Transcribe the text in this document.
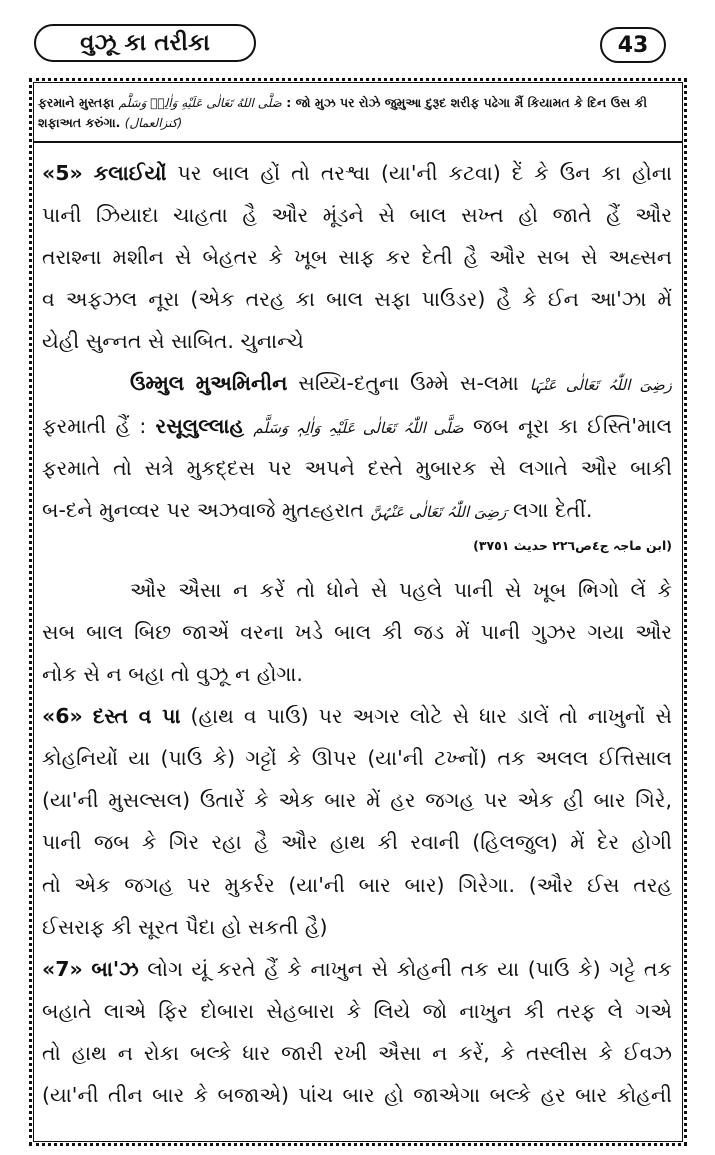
વુઝૂ કા તરીકા	43
ફરમાને મુસ્તફા صَلَّی اللهُ تَعَالٰی عَلَيْهِ وَاٰلِهٖ وَسَلَّم : જો મુઝ પર રોઝે જુમુઆ દુરૂદ શરીફ પઢેગા મૈં કિયામત કે દિન ઉસ કી
શફાઅત કરુંગા. (کنزالعمال)
«5» કલાઈયોં પર બાલ હોં તો તરશ્વા (યા'ની કટવા) દેં કે ઉન કા હોના
પાની ઝિયાદા ચાહતા હૈ ઔર મૂંડને સે બાલ સખ્ત હો જાતે હૈં ઔર
તરાશ્ના મશીન સે બેહતર કે ખૂબ સાફ કર દેતી હૈ ઔર સબ સે અહ્સન
વ અફઝલ નૂરા (એક તરહ કા બાલ સફા પાઉડર) હૈ કે ઈન આ'ઝા મેં
યેહી સુન્નત સે સાબિત. ચુનાન્ચે
ઉમ્મુલ મુઅમિનીન સય્યિ-દતુના ઉમ્મે સ-લમા رَضِیَ اللّٰہُ تَعَالٰی عَنْہَا
ફરમાતી હૈં : રસૂલુલ્લાહ صَلَّی اللّٰہُ تَعَالٰی عَلَیْہِ وَاٰلِہٖ وَسَلَّم જબ નૂરા કા ઈસ્તિ'માલ
ફરમાતે તો સત્રે મુકદ્દસ પર અપને દસ્તે મુબારક સે લગાતે ઔર બાકી
બ-દને મુનવ્વર પર અઝવાજે મુતહ્હરાત رَضِیَ اللّٰہُ تَعَالٰی عَنْہُنَّ લગા દેતીં.
(ابن ماجہ ج٤ص٢٢٦ حديث ٣٧٥١)
ઔર ઐસા ન કરેં તો ધોને સે પહલે પાની સે ખૂબ ભિગો લેં કે
સબ બાલ બિછ જાએં વરના ખડે બાલ કી જડ મેં પાની ગુઝર ગયા ઔર
નોક સે ન બહા તો વુઝૂ ન હોગા.
«6» દસ્ત વ પા (હાથ વ પાઉ) પર અગર લોટે સે ધાર ડાલેં તો નાખુનોં સે
કોહનિયોં યા (પાઉ કે) ગટ્ટોં કે ઊપર (યા'ની ટખ્નોં) તક અલલ ઈત્તિસાલ
(યા'ની મુસલ્સલ) ઉતારેં કે એક બાર મેં હર જગહ પર એક હી બાર ગિરે,
પાની જબ કે ગિર રહા હૈ ઔર હાથ કી રવાની (હિલજુલ) મેં દેર હોગી
તો એક જગહ પર મુકર્રર (યા'ની બાર બાર) ગિરેગા. (ઔર ઈસ તરહ
ઈસરાફ કી સૂરત પૈદા હો સકતી હૈ)
«7» બા'ઝ લોગ યૂં કરતે હૈં કે નાખુન સે કોહની તક યા (પાઉ કે) ગટ્ટે તક
બહાતે લાએ ફિર દોબારા સેહબારા કે લિયે જો નાખુન કી તરફ લે ગએ
તો હાથ ન રોકા બલ્કે ધાર જારી રખી ઐસા ન કરેં, કે તસ્લીસ કે ઈવઝ
(યા'ની તીન બાર કે બજાએ) પાંચ બાર હો જાએગા બલ્કે હર બાર કોહની
